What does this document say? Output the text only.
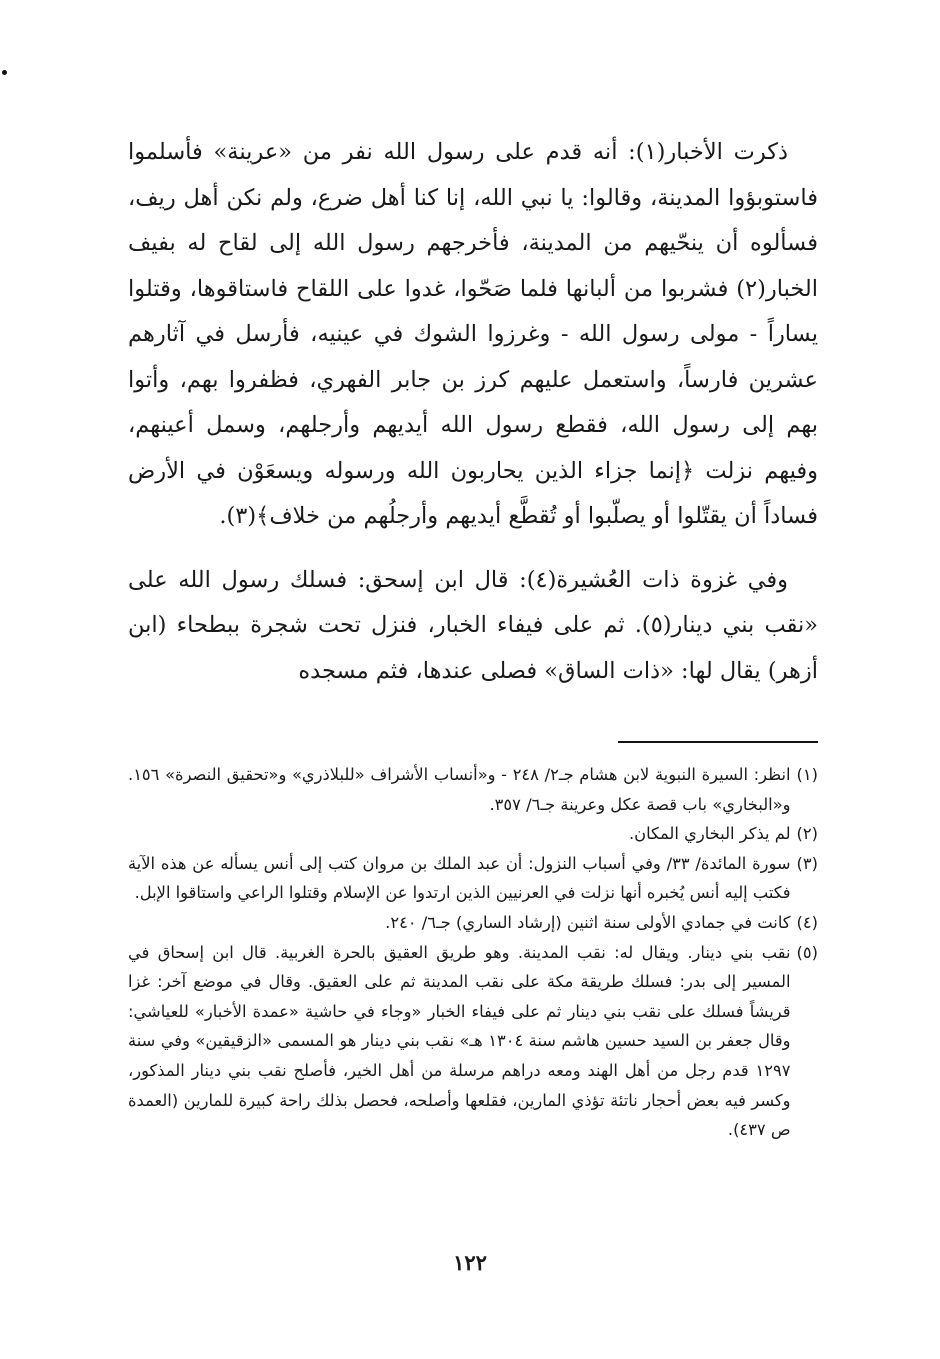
ذكرت الأخبار(١): أنه قدم على رسول الله نفر من «عرينة» فأسلموا فاستوبؤوا المدينة، وقالوا: يا نبي الله، إنا كنا أهل ضرع، ولم نكن أهل ريف، فسألوه أن ينحّيهم من المدينة، فأخرجهم رسول الله إلى لقاح له بفيف الخبار(٢) فشربوا من ألبانها فلما صَحّوا، غدوا على اللقاح فاستاقوها، وقتلوا يساراً - مولى رسول الله - وغرزوا الشوك في عينيه، فأرسل في آثارهم عشرين فارساً، واستعمل عليهم كرز بن جابر الفهري، فظفروا بهم، وأتوا بهم إلى رسول الله، فقطع رسول الله أيديهم وأرجلهم، وسمل أعينهم، وفيهم نزلت ﴿إنما جزاء الذين يحاربون الله ورسوله ويسعَوْن في الأرض فساداً أن يقتّلوا أو يصلّبوا أو تُقطَّع أيديهم وأرجلُهم من خلاف﴾(٣).

وفي غزوة ذات العُشيرة(٤): قال ابن إسحق: فسلك رسول الله على «نقب بني دينار(٥). ثم على فيفاء الخبار، فنزل تحت شجرة ببطحاء (ابن أزهر) يقال لها: «ذات الساق» فصلى عندها، فثم مسجده

(١)
انظر: السيرة النبوية لابن هشام جـ٢/ ٢٤٨ - و«أنساب الأشراف «للبلاذري» و«تحقيق النصرة» ١٥٦. و«البخاري» باب قصة عكل وعرينة جـ٦/ ٣٥٧.
(٢)
لم يذكر البخاري المكان.
(٣)
سورة المائدة/ ٣٣/ وفي أسباب النزول: أن عبد الملك بن مروان كتب إلى أنس يسأله عن هذه الآية فكتب إليه أنس يُخبره أنها نزلت في العرنيين الذين ارتدوا عن الإسلام وقتلوا الراعي واستاقوا الإبل.
(٤)
كانت في جمادي الأولى سنة اثنين (إرشاد الساري) جـ٦/ ٢٤٠.
(٥)
نقب بني دينار. ويقال له: نقب المدينة. وهو طريق العقيق بالحرة الغربية. قال ابن إسحاق في المسير إلى بدر: فسلك طريقة مكة على نقب المدينة ثم على العقيق. وقال في موضع آخر: غزا قريشاً فسلك على نقب بني دينار ثم على فيفاء الخبار «وجاء في حاشية «عمدة الأخبار» للعياشي: وقال جعفر بن السيد حسين هاشم سنة ١٣٠٤ هـ» نقب بني دينار هو المسمى «الزقيقين» وفي سنة ١٢٩٧ قدم رجل من أهل الهند ومعه دراهم مرسلة من أهل الخير، فأصلح نقب بني دينار المذكور، وكسر فيه بعض أحجار ناتئة تؤذي المارين، فقلعها وأصلحه، فحصل بذلك راحة كبيرة للمارين (العمدة ص ٤٣٧).
١٢٢
